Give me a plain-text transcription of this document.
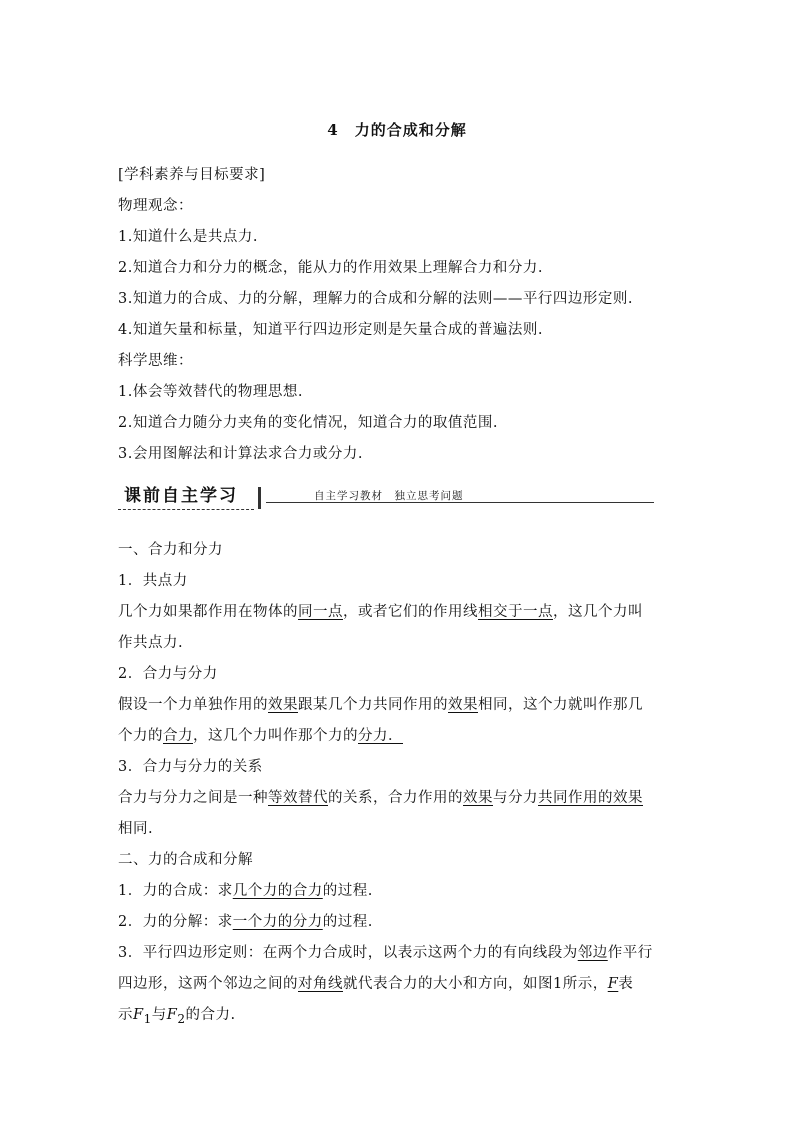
4　力的合成和分解
[学科素养与目标要求]
物理观念：
1.知道什么是共点力.
2.知道合力和分力的概念，能从力的作用效果上理解合力和分力.
3.知道力的合成、力的分解，理解力的合成和分解的法则——平行四边形定则.
4.知道矢量和标量，知道平行四边形定则是矢量合成的普遍法则.
科学思维：
1.体会等效替代的物理思想.
2.知道合力随分力夹角的变化情况，知道合力的取值范围.
3.会用图解法和计算法求合力或分力.
课前自主学习	自主学习教材　独立思考问题
一、合力和分力
1．共点力
几个力如果都作用在物体的同一点，或者它们的作用线相交于一点，这几个力叫
作共点力.
2．合力与分力
假设一个力单独作用的效果跟某几个力共同作用的效果相同，这个力就叫作那几
个力的合力，这几个力叫作那个力的分力．
3．合力与分力的关系
合力与分力之间是一种等效替代的关系，合力作用的效果与分力共同作用的效果
相同.
二、力的合成和分解
1．力的合成：求几个力的合力的过程.
2．力的分解：求一个力的分力的过程.
3．平行四边形定则：在两个力合成时，以表示这两个力的有向线段为邻边作平行
四边形，这两个邻边之间的对角线就代表合力的大小和方向，如图1所示，F表
示$F_1$与$F_2$的合力.
